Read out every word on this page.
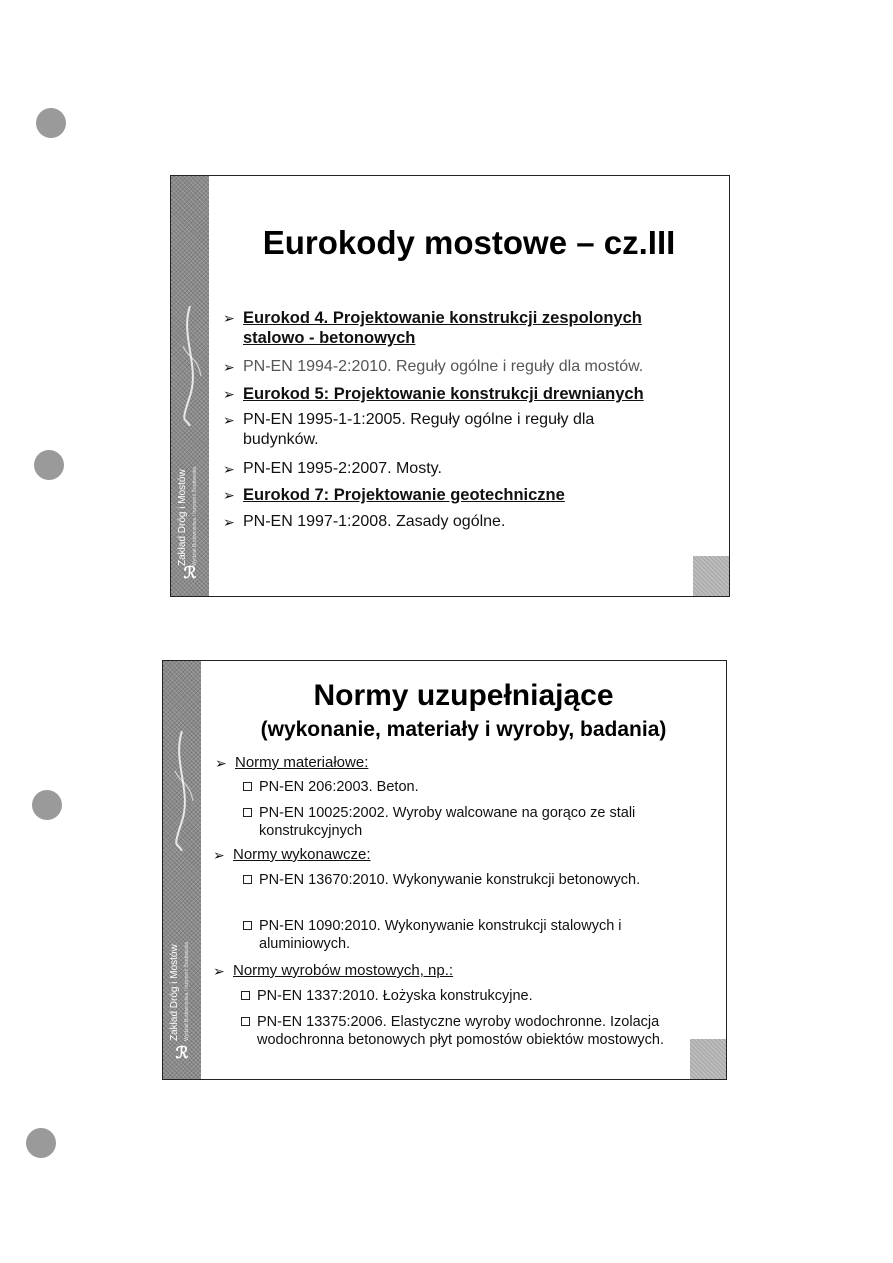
Zakład Dróg i Mostów Wydział Budownictwa i Inżynierii Środowiska
ℛ
Eurokody mostowe – cz.III
➢ Eurokod 4. Projektowanie konstrukcji zespolonych stalowo - betonowych
➢ PN-EN 1994-2:2010. Reguły ogólne i reguły dla mostów.
➢ Eurokod 5: Projektowanie konstrukcji drewnianych
➢ PN-EN 1995-1-1:2005. Reguły ogólne i reguły dla budynków.
➢ PN-EN 1995-2:2007. Mosty.
➢ Eurokod 7: Projektowanie geotechniczne
➢ PN-EN 1997-1:2008. Zasady ogólne.
Zakład Dróg i Mostów Wydział Budownictwa i Inżynierii Środowiska
ℛ
Normy uzupełniające
(wykonanie, materiały i wyroby, badania)
➢ Normy materiałowe:
PN-EN 206:2003. Beton.
PN-EN 10025:2002. Wyroby walcowane na gorąco ze stali konstrukcyjnych
➢ Normy wykonawcze:
PN-EN 13670:2010. Wykonywanie konstrukcji betonowych.
PN-EN 1090:2010. Wykonywanie konstrukcji stalowych i aluminiowych.
➢ Normy wyrobów mostowych, np.:
PN-EN 1337:2010. Łożyska konstrukcyjne.
PN-EN 13375:2006. Elastyczne wyroby wodochronne. Izolacja wodochronna betonowych płyt pomostów obiektów mostowych.
